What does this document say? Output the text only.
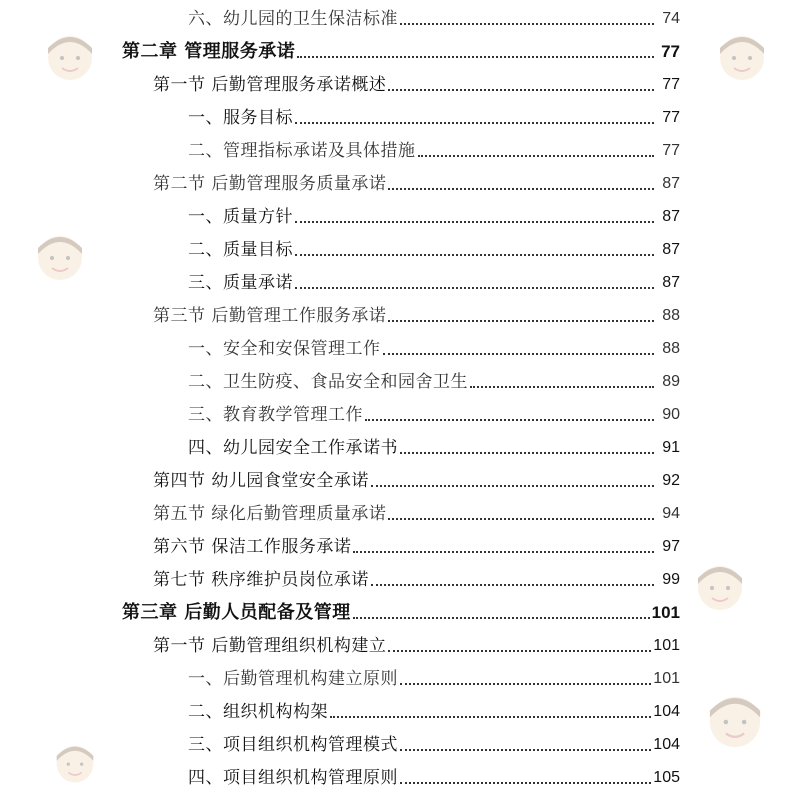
六、幼儿园的卫生保洁标准	74
第二章 管理服务承诺	77
第一节 后勤管理服务承诺概述	77
一、服务目标	77
二、管理指标承诺及具体措施	77
第二节 后勤管理服务质量承诺	87
一、质量方针	87
二、质量目标	87
三、质量承诺	87
第三节 后勤管理工作服务承诺	88
一、安全和安保管理工作	88
二、卫生防疫、食品安全和园舍卫生	89
三、教育教学管理工作	90
四、幼儿园安全工作承诺书	91
第四节 幼儿园食堂安全承诺	92
第五节 绿化后勤管理质量承诺	94
第六节 保洁工作服务承诺	97
第七节 秩序维护员岗位承诺	99
第三章 后勤人员配备及管理	101
第一节 后勤管理组织机构建立	101
一、后勤管理机构建立原则	101
二、组织机构构架	104
三、项目组织机构管理模式	104
四、项目组织机构管理原则	105
